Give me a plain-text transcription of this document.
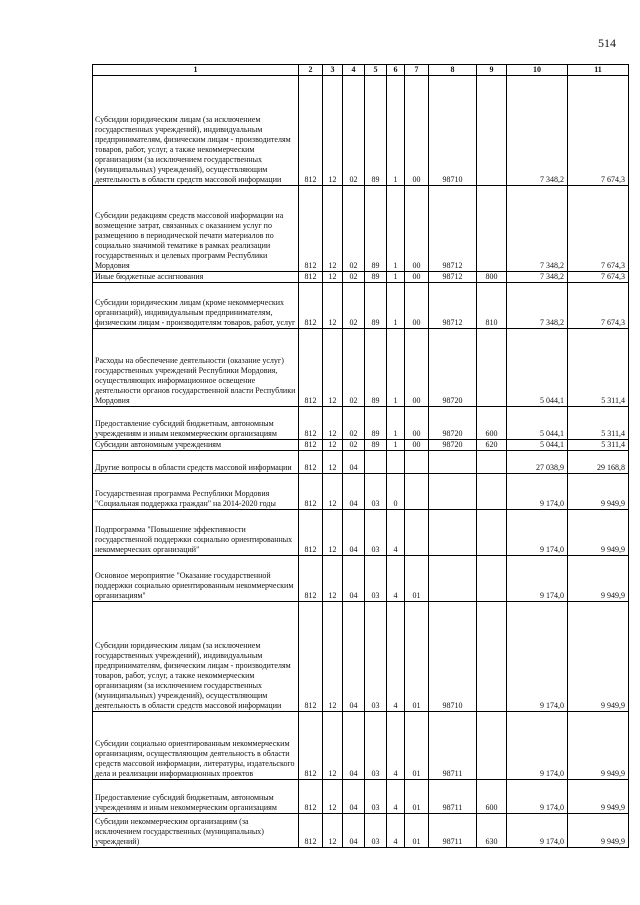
514
1	2	3	4	5	6	7	8	9	10	11
Субсидии юридическим лицам (за исключением государственных учреждений), индивидуальным предпринимателям, физическим лицам - производителям товаров, работ, услуг, а также некоммерческим организациям (за исключением государственных (муниципальных) учреждений), осуществляющим деятельность в области средств массовой информации	812	12	02	89	1	00	98710		7 348,2	7 674,3
Субсидии редакциям средств массовой информации на возмещение затрат, связанных с оказанием услуг по размещению в периодической печати материалов по социально значимой тематике в рамках реализации государственных и целевых программ Республики Мордовия	812	12	02	89	1	00	98712		7 348,2	7 674,3
Иные бюджетные ассигнования	812	12	02	89	1	00	98712	800	7 348,2	7 674,3
Субсидии юридическим лицам (кроме некоммерческих организаций), индивидуальным предпринимателям, физическим лицам - производителям товаров, работ, услуг	812	12	02	89	1	00	98712	810	7 348,2	7 674,3
Расходы на обеспечение деятельности (оказание услуг) государственных учреждений Республики Мордовия, осуществляющих информационное освещение деятельности органов государственной власти Республики Мордовия	812	12	02	89	1	00	98720		5 044,1	5 311,4
Предоставление субсидий бюджетным, автономным учреждениям и иным некоммерческим организациям	812	12	02	89	1	00	98720	600	5 044,1	5 311,4
Субсидии автономным учреждениям	812	12	02	89	1	00	98720	620	5 044,1	5 311,4
Другие вопросы в области средств массовой информации	812	12	04						27 038,9	29 168,8
Государственная программа Республики Мордовия "Социальная поддержка граждан" на 2014-2020 годы	812	12	04	03	0				9 174,0	9 949,9
Подпрограмма "Повышение эффективности государственной поддержки социально ориентированных некоммерческих организаций"	812	12	04	03	4				9 174,0	9 949,9
Основное мероприятие "Оказание государственной поддержки социально ориентированным некоммерческим организациям"	812	12	04	03	4	01			9 174,0	9 949,9
Субсидии юридическим лицам (за исключением государственных учреждений), индивидуальным предпринимателям, физическим лицам - производителям товаров, работ, услуг, а также некоммерческим организациям (за исключением государственных (муниципальных) учреждений), осуществляющим деятельность в области средств массовой информации	812	12	04	03	4	01	98710		9 174,0	9 949,9
Субсидии социально ориентированным некоммерческим организациям, осуществляющим деятельность в области средств массовой информации, литературы, издательского дела и реализации информационных проектов	812	12	04	03	4	01	98711		9 174,0	9 949,9
Предоставление субсидий бюджетным, автономным учреждениям и иным некоммерческим организациям	812	12	04	03	4	01	98711	600	9 174,0	9 949,9
Субсидии некоммерческим организациям (за исключением государственных (муниципальных) учреждений)	812	12	04	03	4	01	98711	630	9 174,0	9 949,9
